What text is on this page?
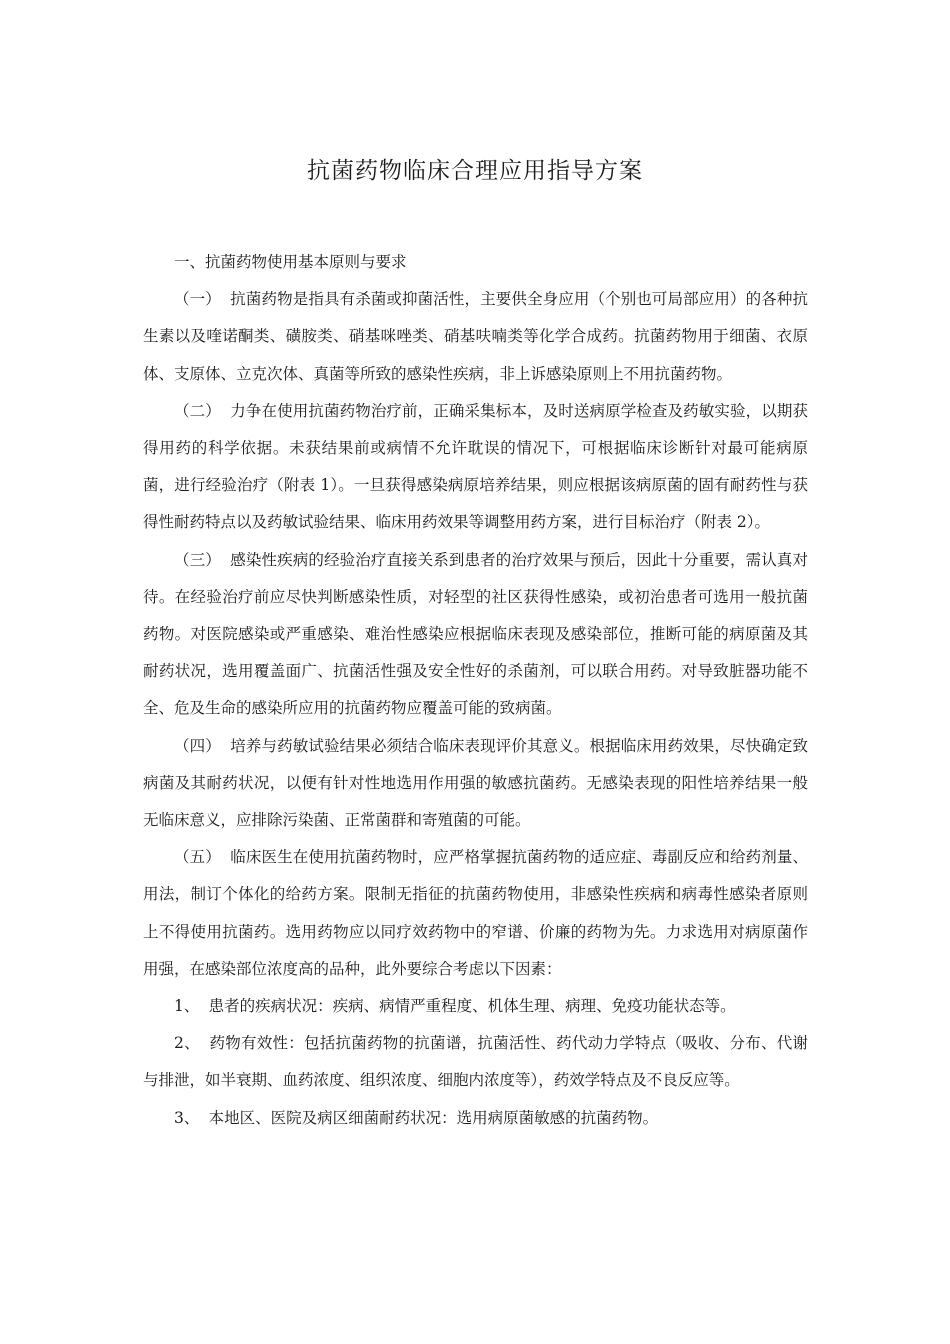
抗菌药物临床合理应用指导方案

一、抗菌药物使用基本原则与要求

（一） 抗菌药物是指具有杀菌或抑菌活性，主要供全身应用（个别也可局部应用）的各种抗生素以及喹诺酮类、磺胺类、硝基咪唑类、硝基呋喃类等化学合成药。抗菌药物用于细菌、衣原体、支原体、立克次体、真菌等所致的感染性疾病，非上诉感染原则上不用抗菌药物。

（二） 力争在使用抗菌药物治疗前，正确采集标本，及时送病原学检查及药敏实验，以期获得用药的科学依据。未获结果前或病情不允许耽误的情况下，可根据临床诊断针对最可能病原菌，进行经验治疗（附表 1）。一旦获得感染病原培养结果，则应根据该病原菌的固有耐药性与获得性耐药特点以及药敏试验结果、临床用药效果等调整用药方案，进行目标治疗（附表 2）。

（三） 感染性疾病的经验治疗直接关系到患者的治疗效果与预后，因此十分重要，需认真对待。在经验治疗前应尽快判断感染性质，对轻型的社区获得性感染，或初治患者可选用一般抗菌药物。对医院感染或严重感染、难治性感染应根据临床表现及感染部位，推断可能的病原菌及其耐药状况，选用覆盖面广、抗菌活性强及安全性好的杀菌剂，可以联合用药。对导致脏器功能不全、危及生命的感染所应用的抗菌药物应覆盖可能的致病菌。

（四） 培养与药敏试验结果必须结合临床表现评价其意义。根据临床用药效果，尽快确定致病菌及其耐药状况，以便有针对性地选用作用强的敏感抗菌药。无感染表现的阳性培养结果一般无临床意义，应排除污染菌、正常菌群和寄殖菌的可能。

（五） 临床医生在使用抗菌药物时，应严格掌握抗菌药物的适应症、毒副反应和给药剂量、用法，制订个体化的给药方案。限制无指征的抗菌药物使用，非感染性疾病和病毒性感染者原则上不得使用抗菌药。选用药物应以同疗效药物中的窄谱、价廉的药物为先。力求选用对病原菌作用强，在感染部位浓度高的品种，此外要综合考虑以下因素：

1、 患者的疾病状况：疾病、病情严重程度、机体生理、病理、免疫功能状态等。

2、 药物有效性：包括抗菌药物的抗菌谱，抗菌活性、药代动力学特点（吸收、分布、代谢与排泄，如半衰期、血药浓度、组织浓度、细胞内浓度等），药效学特点及不良反应等。

3、 本地区、医院及病区细菌耐药状况：选用病原菌敏感的抗菌药物。
